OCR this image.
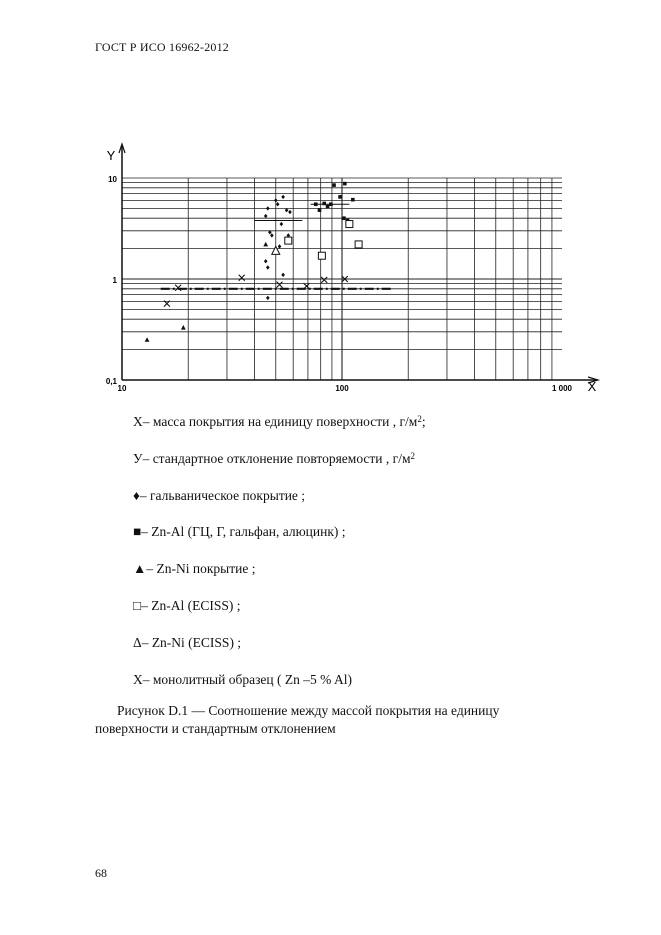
ГОСТ Р ИСО 16962-2012
Y
X
0,1
1
10
10	100	1 000
X – масса покрытия на единицу поверхности , $г/м^2$ ;
У – стандартное отклонение повторяемости , $г/м^2$
♦ – гальваническое покрытие ;
■ – Zn-Al (ГЦ, Г, гальфан, алюцинк) ;
▲ – Zn-Ni покрытие ;
□ – Zn-Al (ECISS) ;
Δ – Zn-Ni (ECISS) ;
X – монолитный образец ( Zn –5 % Al)
Рисунок D.1 — Соотношение между массой покрытия на единицу поверхности и стандартным отклонением
68
